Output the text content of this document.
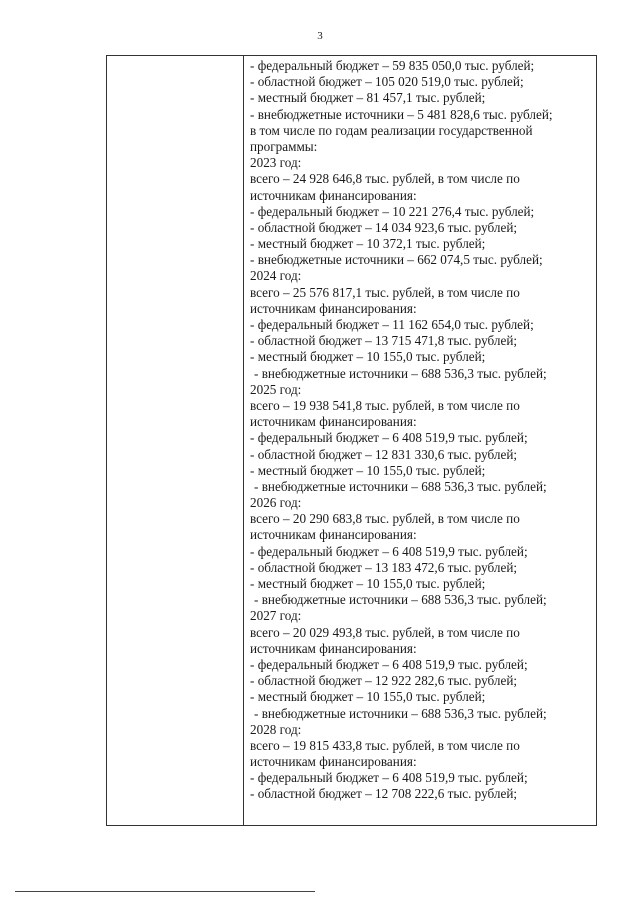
3
- федеральный бюджет – 59 835 050,0 тыс. рублей;
- областной бюджет – 105 020 519,0 тыс. рублей;
- местный бюджет – 81 457,1 тыс. рублей;
- внебюджетные источники – 5 481 828,6 тыс. рублей;
в том числе по годам реализации государственной
программы:
2023 год:
всего – 24 928 646,8 тыс. рублей, в том числе по
источникам финансирования:
- федеральный бюджет – 10 221 276,4 тыс. рублей;
- областной бюджет – 14 034 923,6 тыс. рублей;
- местный бюджет – 10 372,1 тыс. рублей;
- внебюджетные источники – 662 074,5 тыс. рублей;
2024 год:
всего – 25 576 817,1 тыс. рублей, в том числе по
источникам финансирования:
- федеральный бюджет – 11 162 654,0 тыс. рублей;
- областной бюджет – 13 715 471,8 тыс. рублей;
- местный бюджет – 10 155,0 тыс. рублей;
- внебюджетные источники – 688 536,3 тыс. рублей;
2025 год:
всего – 19 938 541,8 тыс. рублей, в том числе по
источникам финансирования:
- федеральный бюджет – 6 408 519,9 тыс. рублей;
- областной бюджет – 12 831 330,6 тыс. рублей;
- местный бюджет – 10 155,0 тыс. рублей;
- внебюджетные источники – 688 536,3 тыс. рублей;
2026 год:
всего – 20 290 683,8 тыс. рублей, в том числе по
источникам финансирования:
- федеральный бюджет – 6 408 519,9 тыс. рублей;
- областной бюджет – 13 183 472,6 тыс. рублей;
- местный бюджет – 10 155,0 тыс. рублей;
- внебюджетные источники – 688 536,3 тыс. рублей;
2027 год:
всего – 20 029 493,8 тыс. рублей, в том числе по
источникам финансирования:
- федеральный бюджет – 6 408 519,9 тыс. рублей;
- областной бюджет – 12 922 282,6 тыс. рублей;
- местный бюджет – 10 155,0 тыс. рублей;
- внебюджетные источники – 688 536,3 тыс. рублей;
2028 год:
всего – 19 815 433,8 тыс. рублей, в том числе по
источникам финансирования:
- федеральный бюджет – 6 408 519,9 тыс. рублей;
- областной бюджет – 12 708 222,6 тыс. рублей;
